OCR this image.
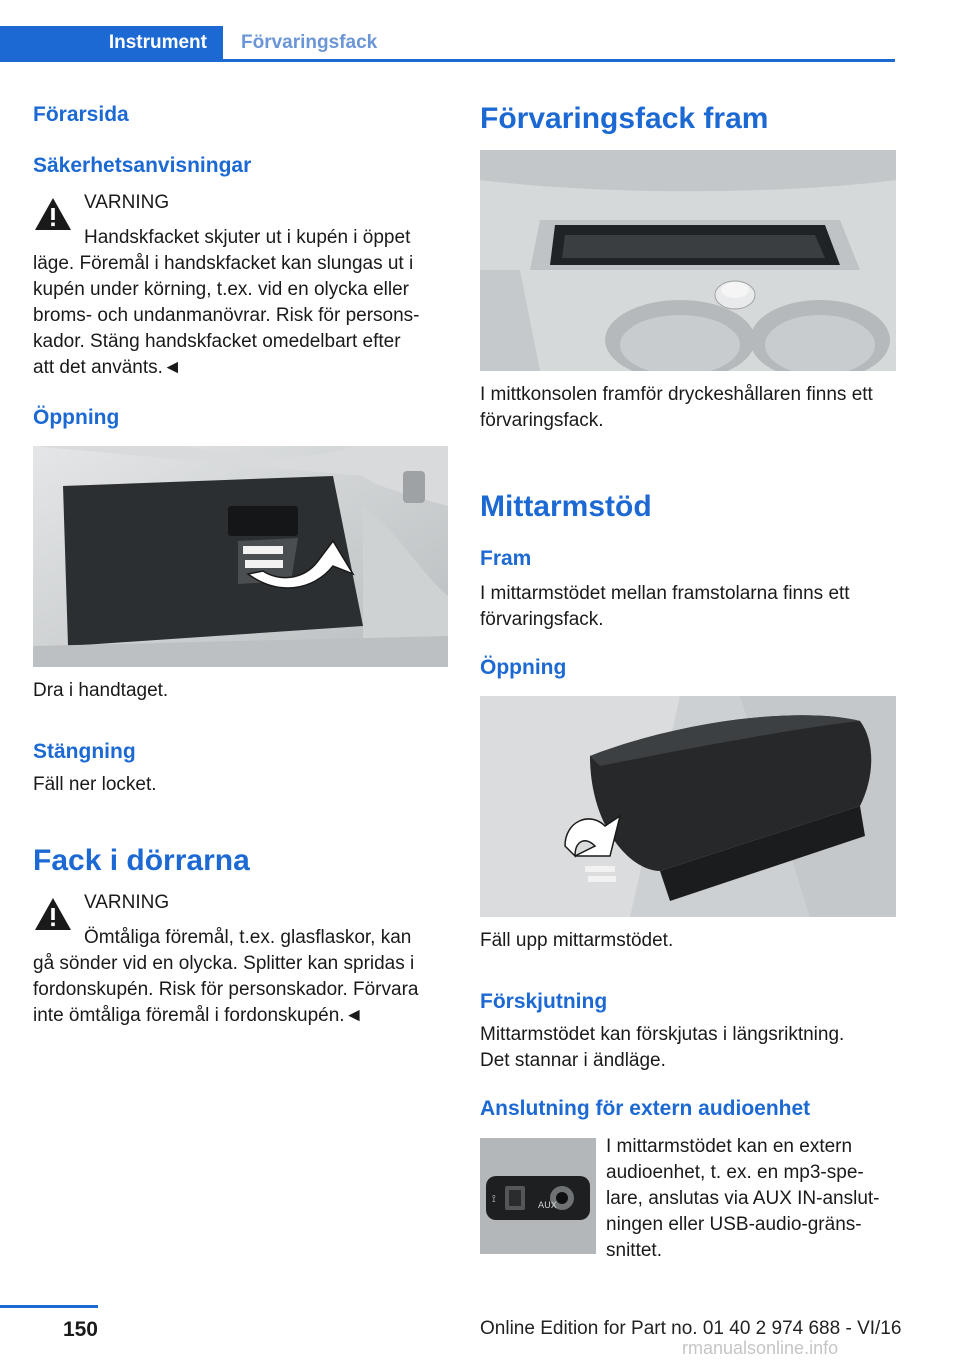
Instrument	Förvaringsfack
Förarsida
Säkerhetsanvisningar
VARNING
Handskfacket skjuter ut i kupén i öppet
läge. Föremål i handskfacket kan slungas ut i
kupén under körning, t.ex. vid en olycka eller
broms- och undanmanövrar. Risk för persons-
kador. Stäng handskfacket omedelbart efter
att det använts.◄
Öppning
Dra i handtaget.
Stängning
Fäll ner locket.
Fack i dörrarna
VARNING
Ömtåliga föremål, t.ex. glasflaskor, kan
gå sönder vid en olycka. Splitter kan spridas i
fordonskupén. Risk för personskador. Förvara
inte ömtåliga föremål i fordonskupén.◄
Förvaringsfack fram
I mittkonsolen framför dryckeshållaren finns ett
förvaringsfack.
Mittarmstöd
Fram
I mittarmstödet mellan framstolarna finns ett
förvaringsfack.
Öppning
Fäll upp mittarmstödet.
Förskjutning
Mittarmstödet kan förskjutas i längsriktning.
Det stannar i ändläge.
Anslutning för extern audioenhet
AUX
⟟
I mittarmstödet kan en extern
audioenhet, t. ex. en mp3-spe-
lare, anslutas via AUX IN-anslut-
ningen eller USB-audio-gräns-
snittet.
150	Online Edition for Part no. 01 40 2 974 688 - VI/16
rmanualsonline.info
